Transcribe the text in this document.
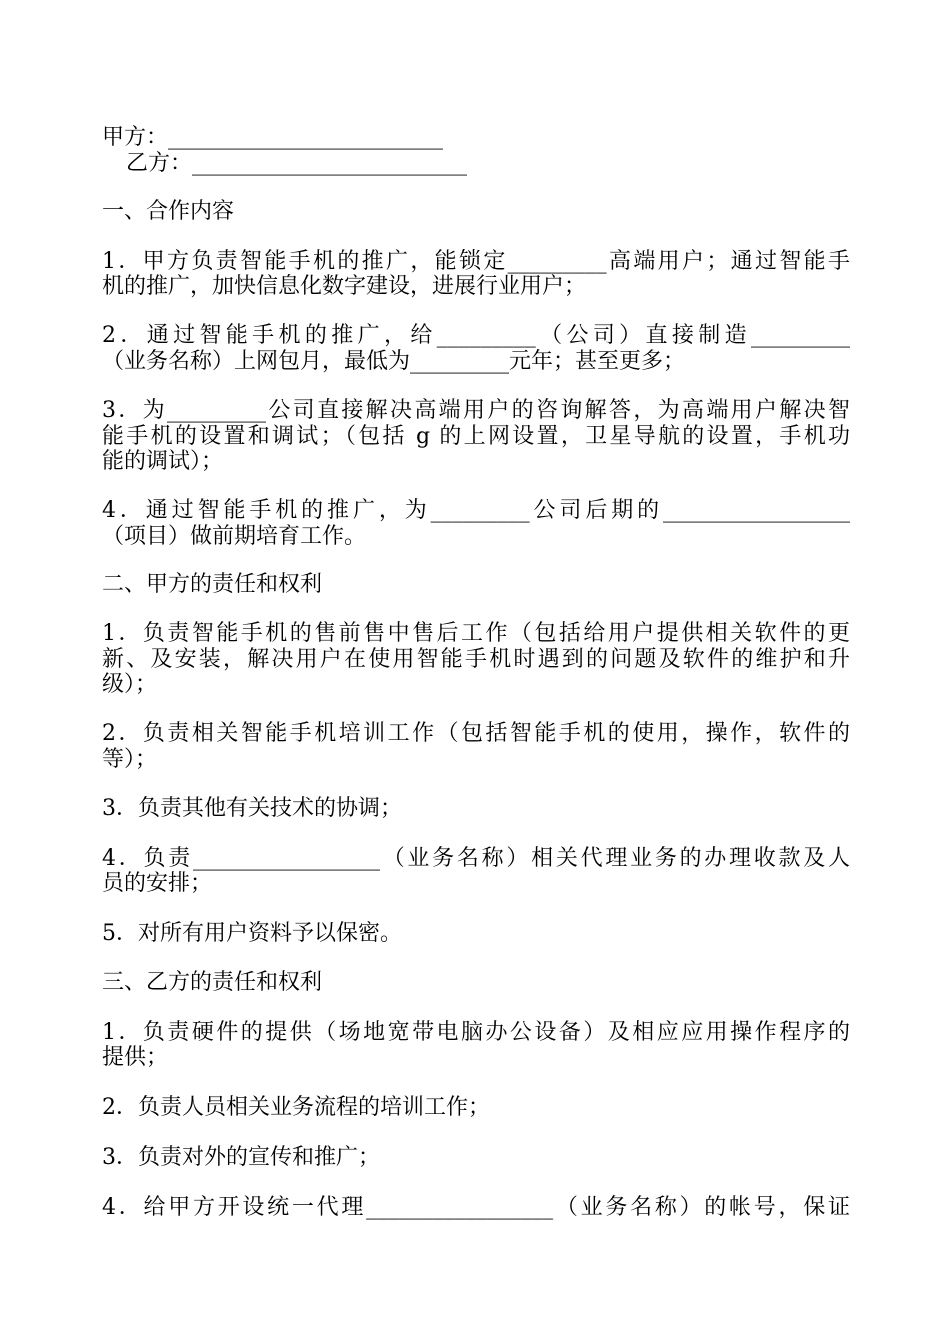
甲方：_________________________
乙方：_________________________
一、合作内容
1．甲方负责智能手机的推广，能锁定_________高端用户；通过智能手
机的推广，加快信息化数字建设，进展行业用户；
2．通过智能手机的推广，给_________（公司）直接制造_________
（业务名称）上网包月，最低为_________元年；甚至更多；
3．为_________公司直接解决高端用户的咨询解答，为高端用户解决智
能手机的设置和调试；（包括 g 的上网设置，卫星导航的设置，手机功
能的调试）；
4．通过智能手机的推广，为_________公司后期的_________________
（项目）做前期培育工作。
二、甲方的责任和权利
1．负责智能手机的售前售中售后工作（包括给用户提供相关软件的更
新、及安装，解决用户在使用智能手机时遇到的问题及软件的维护和升
级）；
2．负责相关智能手机培训工作（包括智能手机的使用，操作，软件的
等）；
3．负责其他有关技术的协调；
4．负责_________________（业务名称）相关代理业务的办理收款及人
员的安排；
5．对所有用户资料予以保密。
三、乙方的责任和权利
1．负责硬件的提供（场地宽带电脑办公设备）及相应应用操作程序的
提供；
2．负责人员相关业务流程的培训工作；
3．负责对外的宣传和推广；
4．给甲方开设统一代理_________________（业务名称）的帐号，保证
